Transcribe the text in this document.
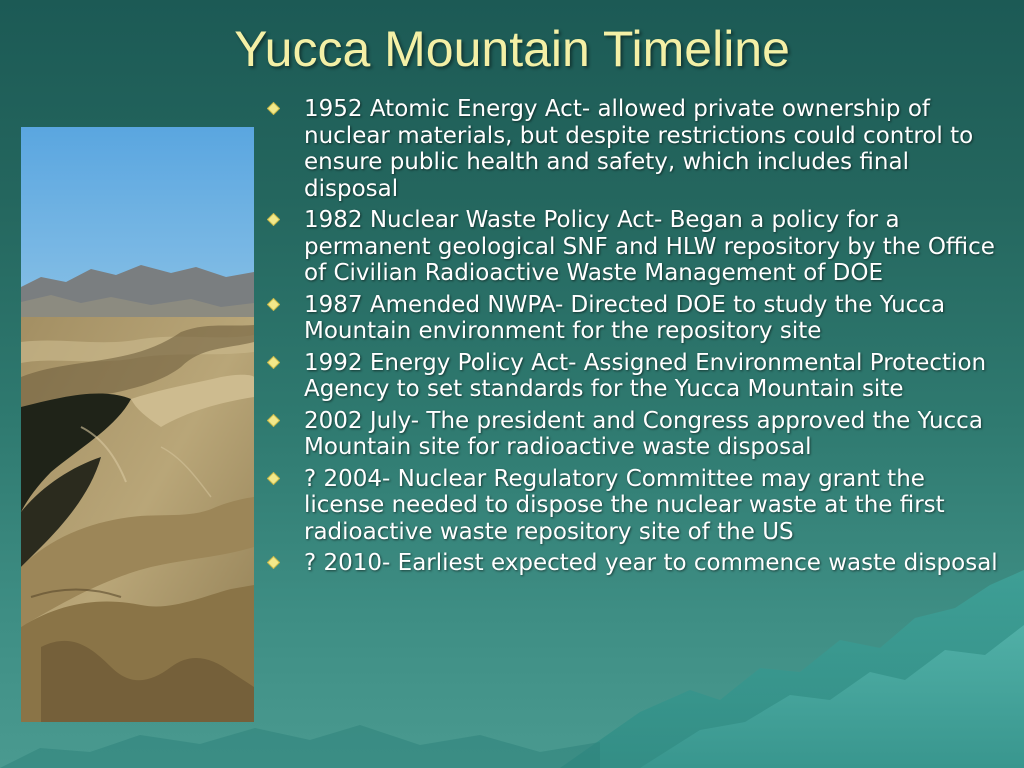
Yucca Mountain Timeline
1952 Atomic Energy Act- allowed private ownership of nuclear materials, but despite restrictions could control to ensure public health and safety, which includes final disposal
1982 Nuclear Waste Policy Act- Began a policy for a permanent geological SNF and HLW repository by the Office of Civilian Radioactive Waste Management of DOE
1987 Amended NWPA- Directed DOE to study the Yucca Mountain environment for the repository site
1992 Energy Policy Act- Assigned Environmental Protection Agency to set standards for the Yucca Mountain site
2002 July- The president and Congress approved the Yucca Mountain site for radioactive waste disposal
? 2004- Nuclear Regulatory Committee may grant the license needed to dispose the nuclear waste at the first radioactive waste repository site of the US
? 2010- Earliest expected year to commence waste disposal
